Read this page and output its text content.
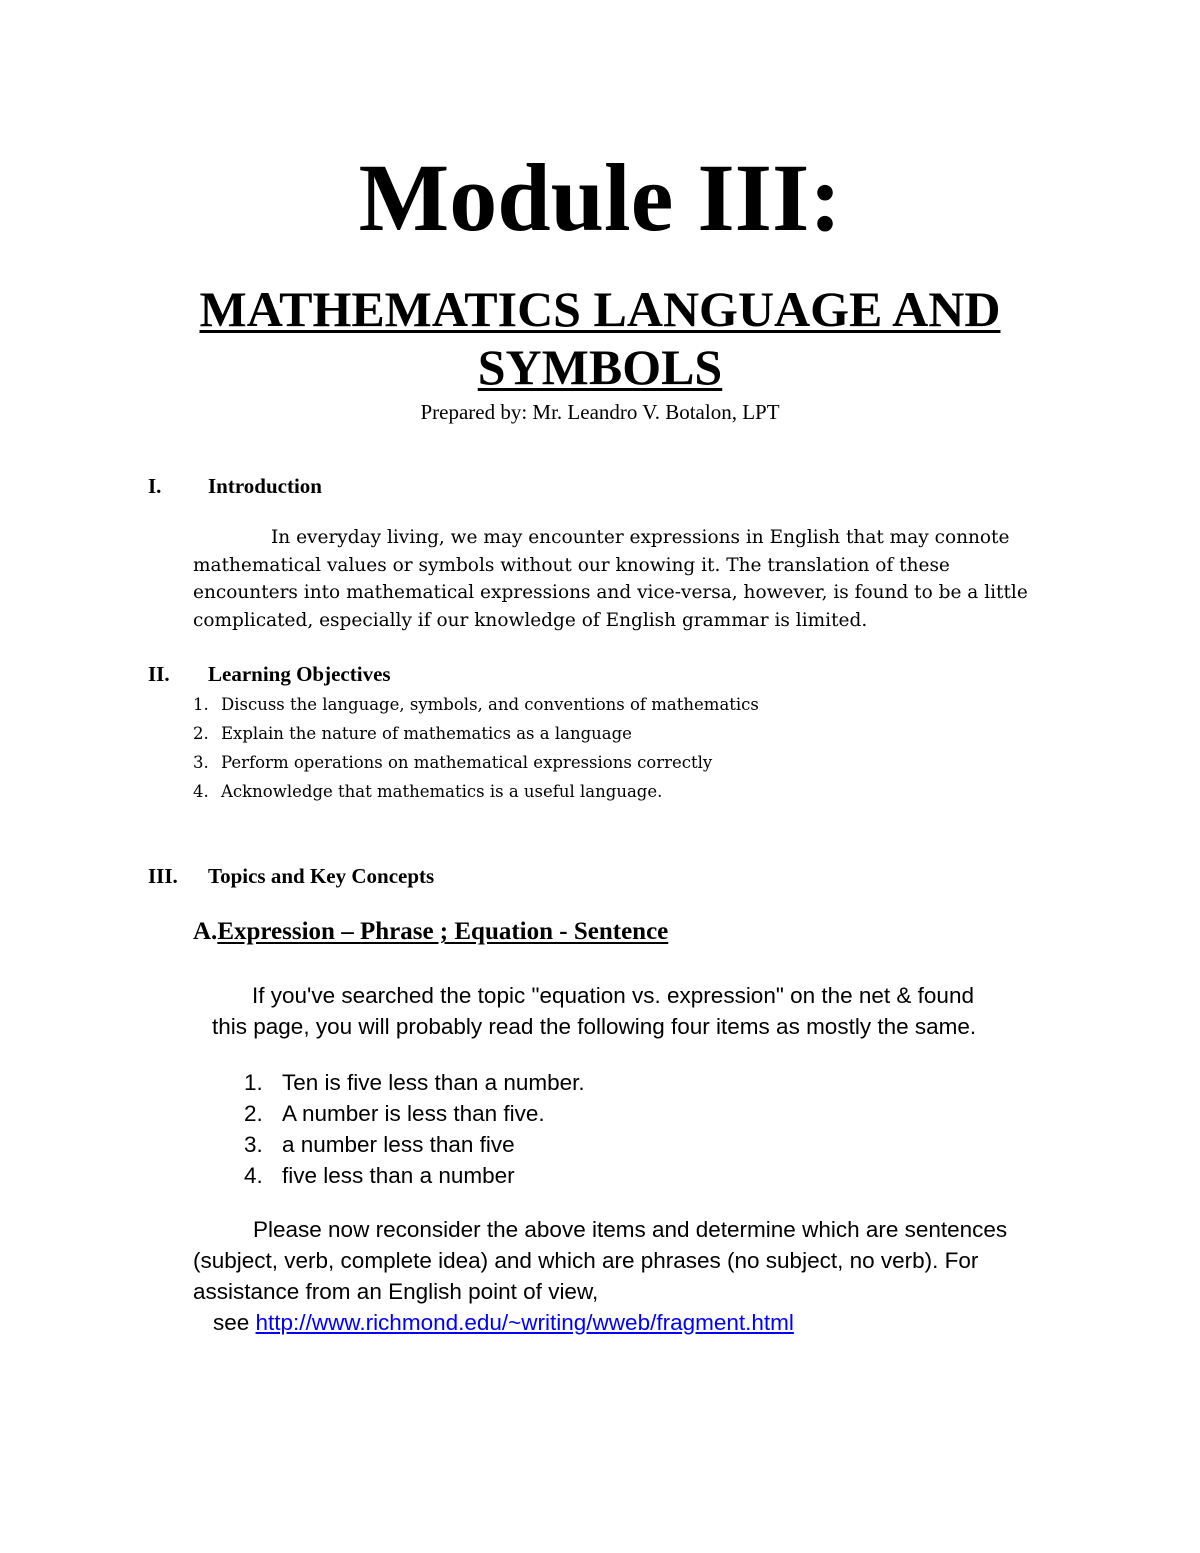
Module III:
MATHEMATICS LANGUAGE AND
SYMBOLS
Prepared by: Mr. Leandro V. Botalon, LPT
I. Introduction
In everyday living, we may encounter expressions in English that may connote
mathematical values or symbols without our knowing it. The translation of these
encounters into mathematical expressions and vice-versa, however, is found to be a little
complicated, especially if our knowledge of English grammar is limited.
II. Learning Objectives
1. Discuss the language, symbols, and conventions of mathematics
2. Explain the nature of mathematics as a language
3. Perform operations on mathematical expressions correctly
4. Acknowledge that mathematics is a useful language.
III. Topics and Key Concepts
A.Expression – Phrase ; Equation - Sentence
If you've searched the topic "equation vs. expression" on the net & found
this page, you will probably read the following four items as mostly the same.
1. Ten is five less than a number.
2. A number is less than five.
3. a number less than five
4. five less than a number
Please now reconsider the above items and determine which are sentences
(subject, verb, complete idea) and which are phrases (no subject, no verb). For
assistance from an English point of view,
see http://www.richmond.edu/~writing/wweb/fragment.html
